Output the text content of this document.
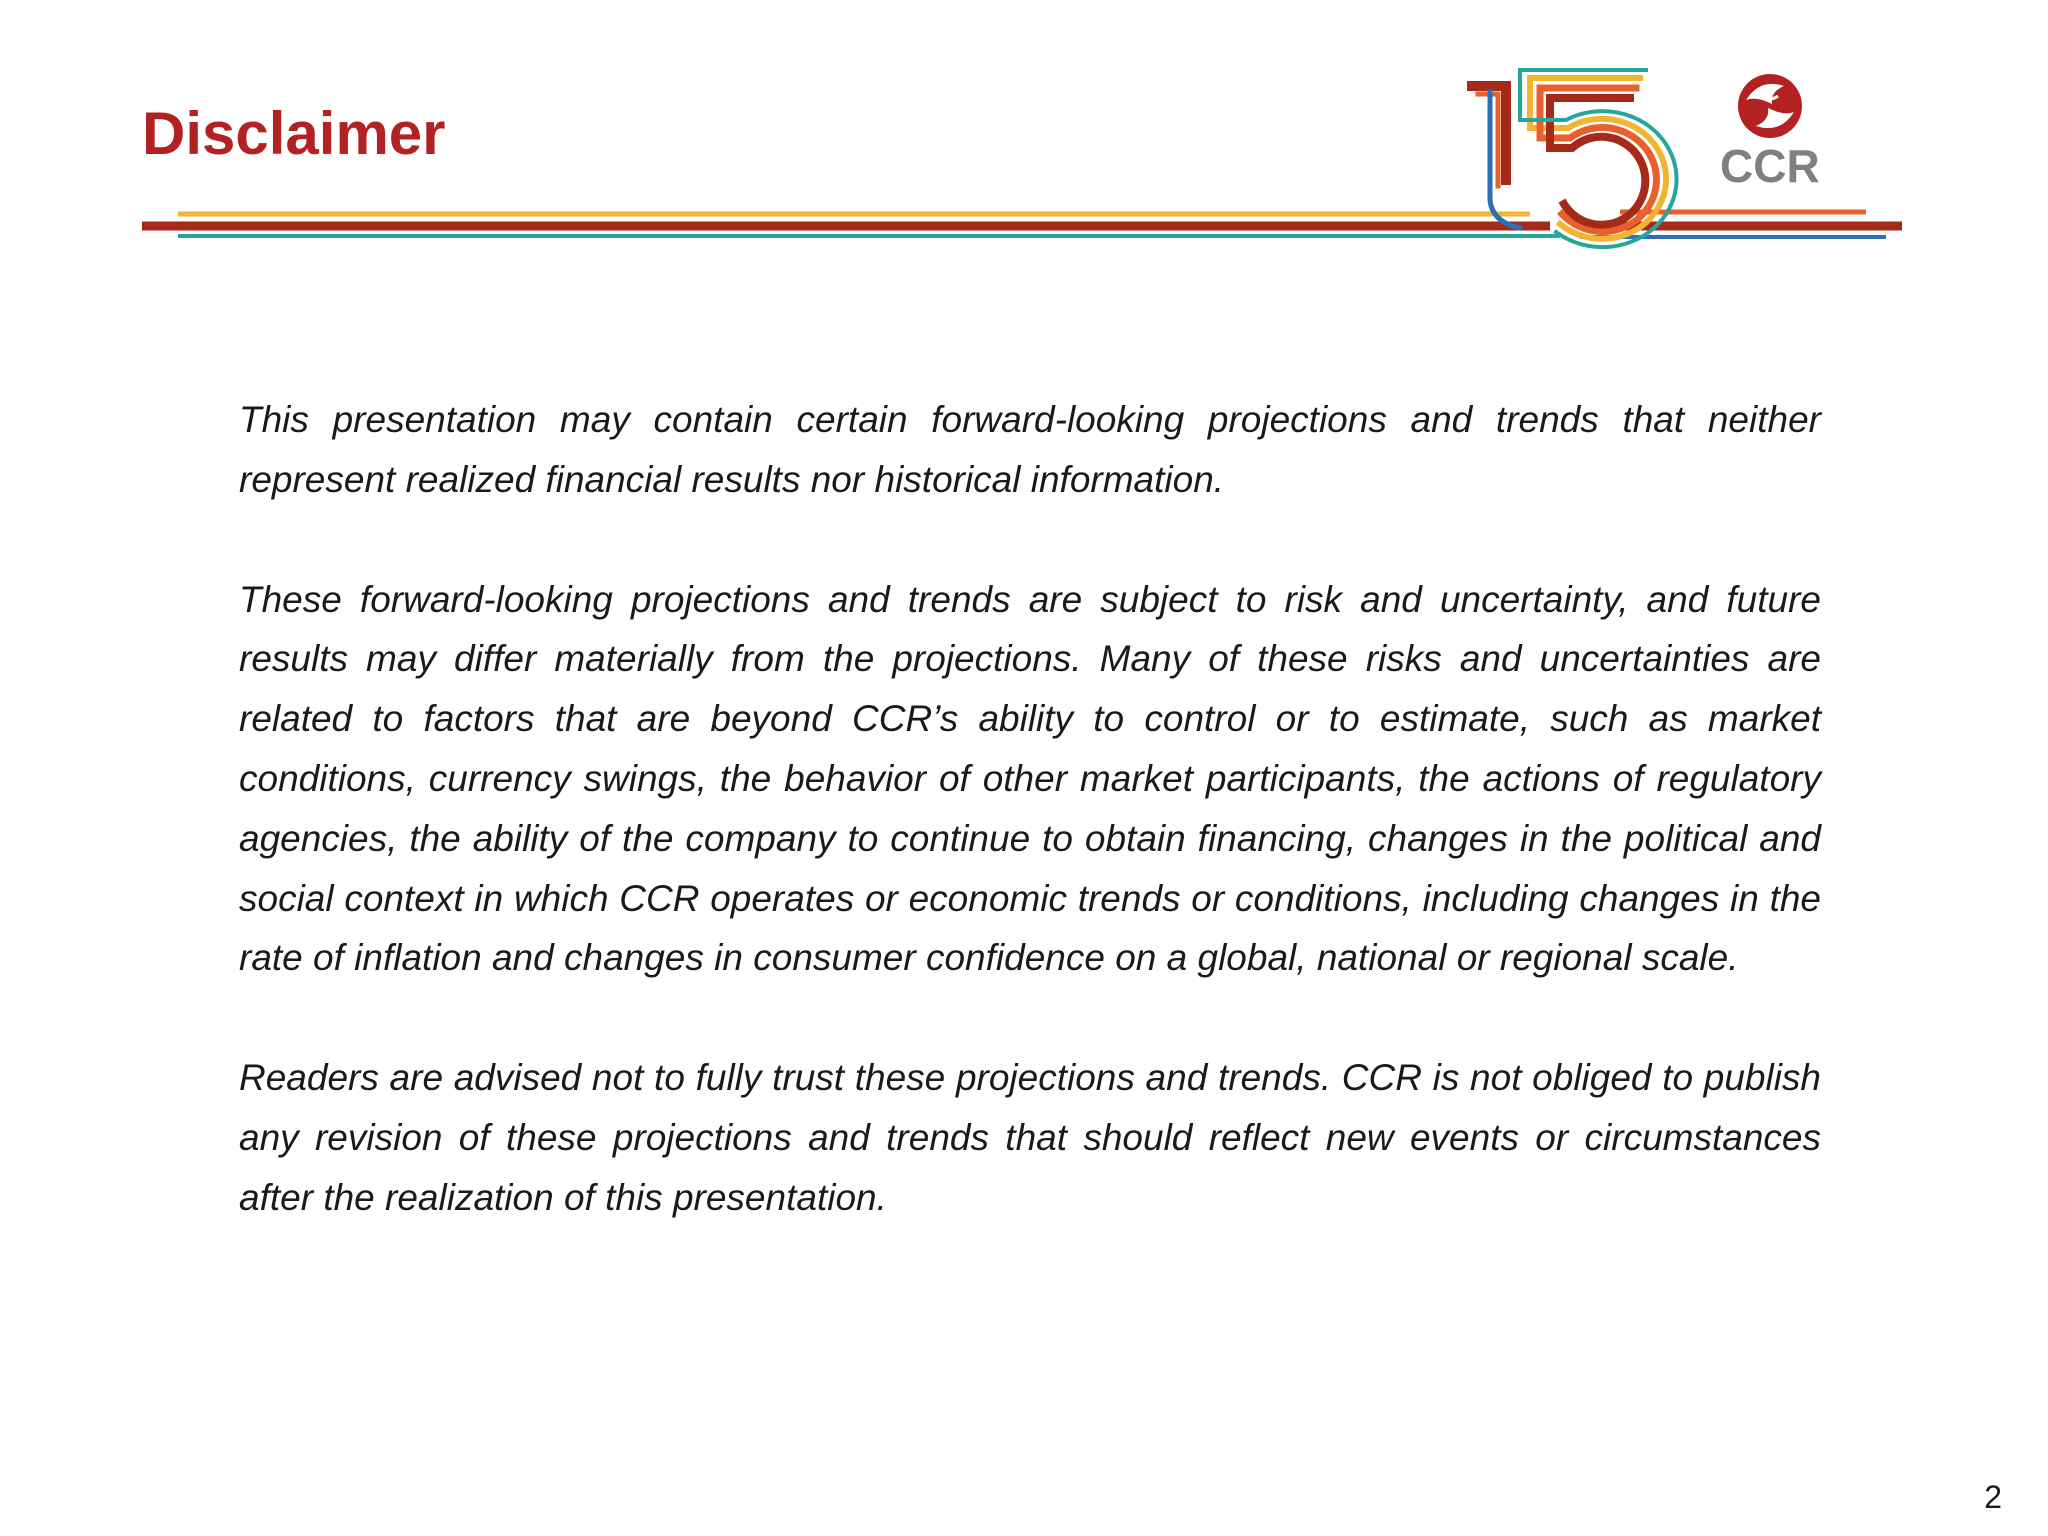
Disclaimer	CCR

This presentation may contain certain forward-looking projections and trends that neither represent realized financial results nor historical information.

These forward-looking projections and trends are subject to risk and uncertainty, and future results may differ materially from the projections. Many of these risks and uncertainties are related to factors that are beyond CCR’s ability to control or to estimate, such as market conditions, currency swings, the behavior of other market participants, the actions of regulatory agencies, the ability of the company to continue to obtain financing, changes in the political and social context in which CCR operates or economic trends or conditions, including changes in the rate of inflation and changes in consumer confidence on a global, national or regional scale.

Readers are advised not to fully trust these projections and trends. CCR is not obliged to publish any revision of these projections and trends that should reflect new events or circumstances after the realization of this presentation.

2
